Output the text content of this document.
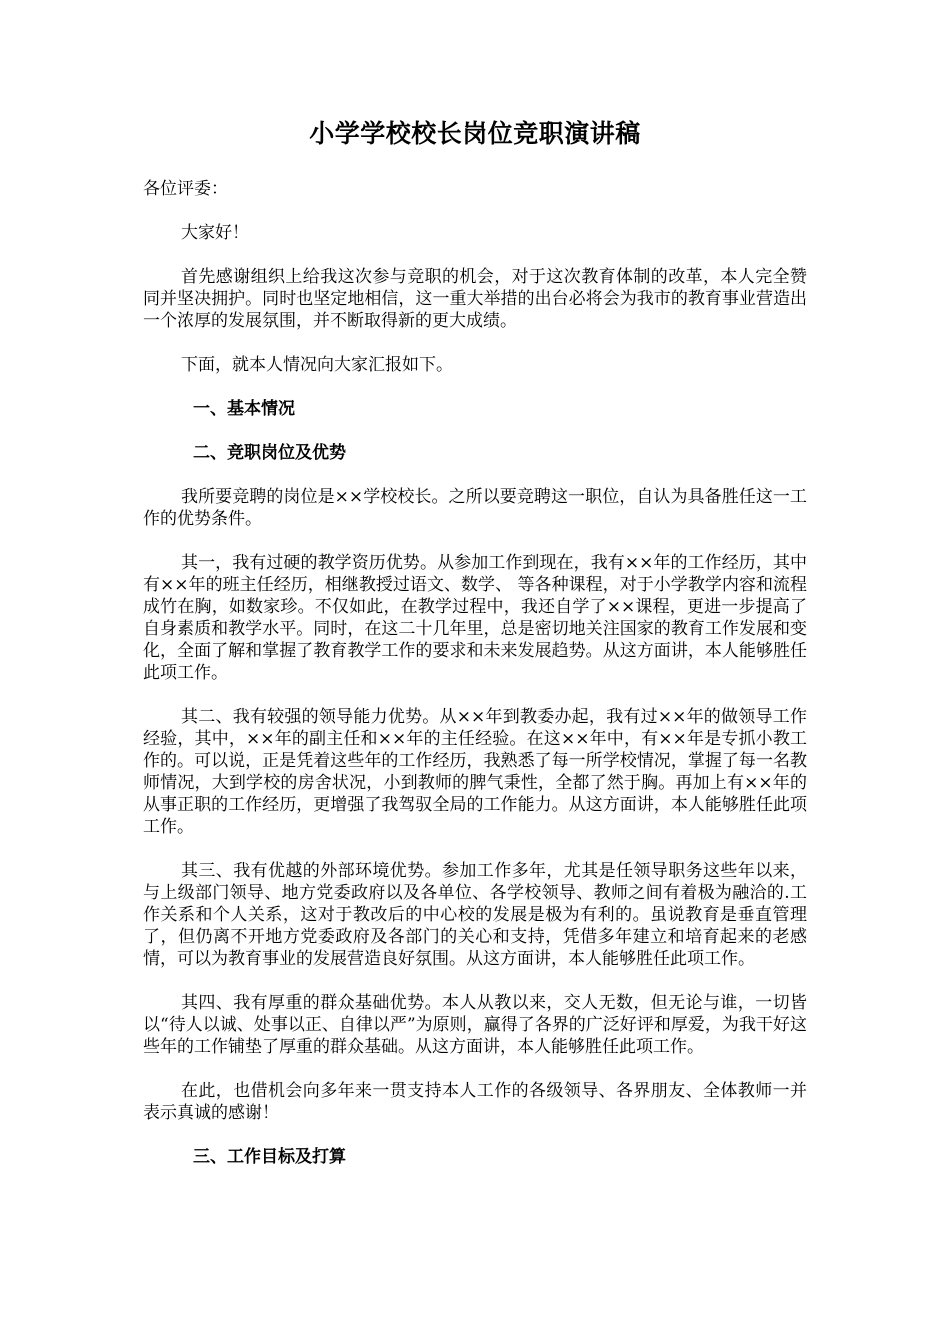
小学学校校长岗位竞职演讲稿

各位评委：

大家好！

首先感谢组织上给我这次参与竞职的机会，对于这次教育体制的改革，本人完全赞同并坚决拥护。同时也坚定地相信，这一重大举措的出台必将会为我市的教育事业营造出一个浓厚的发展氛围，并不断取得新的更大成绩。

下面，就本人情况向大家汇报如下。

一、基本情况

二、竞职岗位及优势

我所要竞聘的岗位是××学校校长。之所以要竞聘这一职位，自认为具备胜任这一工作的优势条件。

其一，我有过硬的教学资历优势。从参加工作到现在，我有××年的工作经历，其中有××年的班主任经历，相继教授过语文、数学、 等各种课程，对于小学教学内容和流程成竹在胸，如数家珍。不仅如此，在教学过程中，我还自学了××课程，更进一步提高了自身素质和教学水平。同时，在这二十几年里，总是密切地关注国家的教育工作发展和变化，全面了解和掌握了教育教学工作的要求和未来发展趋势。从这方面讲，本人能够胜任此项工作。

其二、我有较强的领导能力优势。从××年到教委办起，我有过××年的做领导工作经验，其中，××年的副主任和××年的主任经验。在这××年中，有××年是专抓小教工作的。可以说，正是凭着这些年的工作经历，我熟悉了每一所学校情况，掌握了每一名教师情况，大到学校的房舍状况，小到教师的脾气秉性，全都了然于胸。再加上有××年的从事正职的工作经历，更增强了我驾驭全局的工作能力。从这方面讲，本人能够胜任此项工作。

其三、我有优越的外部环境优势。参加工作多年，尤其是任领导职务这些年以来，与上级部门领导、地方党委政府以及各单位、各学校领导、教师之间有着极为融洽的.工作关系和个人关系，这对于教改后的中心校的发展是极为有利的。虽说教育是垂直管理了，但仍离不开地方党委政府及各部门的关心和支持，凭借多年建立和培育起来的老感情，可以为教育事业的发展营造良好氛围。从这方面讲，本人能够胜任此项工作。

其四、我有厚重的群众基础优势。本人从教以来，交人无数，但无论与谁，一切皆以“待人以诚、处事以正、自律以严”为原则，赢得了各界的广泛好评和厚爱，为我干好这些年的工作铺垫了厚重的群众基础。从这方面讲，本人能够胜任此项工作。

在此，也借机会向多年来一贯支持本人工作的各级领导、各界朋友、全体教师一并表示真诚的感谢！

三、工作目标及打算
